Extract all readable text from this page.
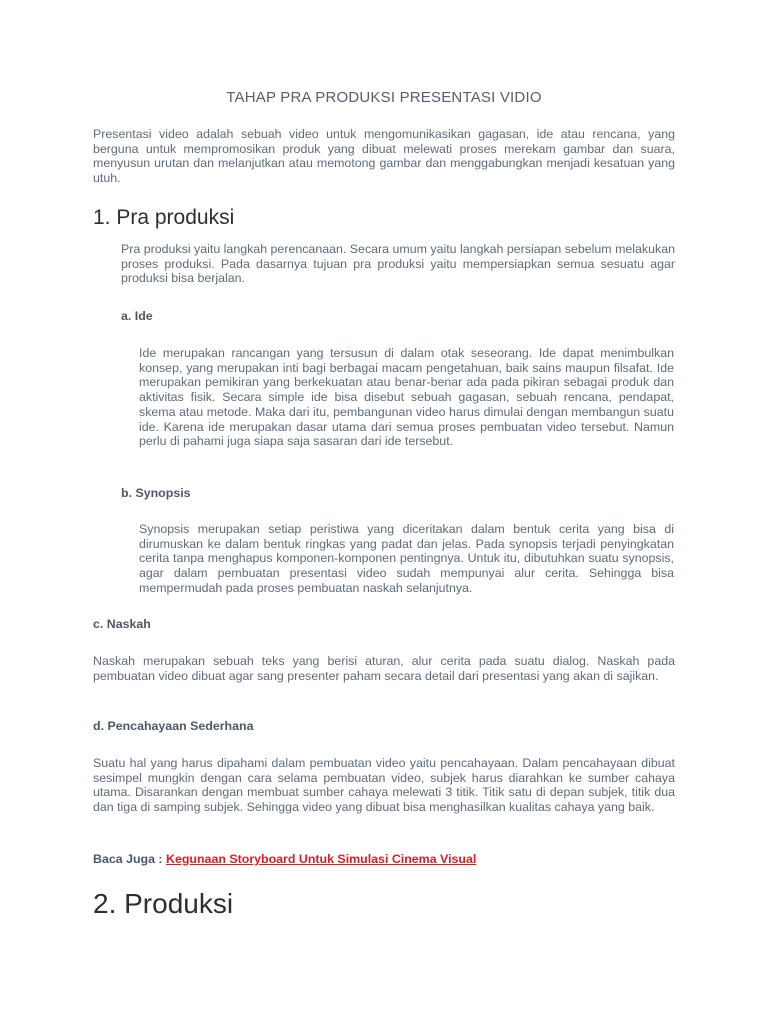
TAHAP PRA PRODUKSI PRESENTASI VIDIO

Presentasi video adalah sebuah video untuk mengomunikasikan gagasan, ide atau rencana, yang berguna untuk mempromosikan produk yang dibuat melewati proses merekam gambar dan suara, menyusun urutan dan melanjutkan atau memotong gambar dan menggabungkan menjadi kesatuan yang utuh.

1. Pra produksi

Pra produksi yaitu langkah perencanaan. Secara umum yaitu langkah persiapan sebelum melakukan proses produksi. Pada dasarnya tujuan pra produksi yaitu mempersiapkan semua sesuatu agar produksi bisa berjalan.

a. Ide

Ide merupakan rancangan yang tersusun di dalam otak seseorang. Ide dapat menimbulkan konsep, yang merupakan inti bagi berbagai macam pengetahuan, baik sains maupun filsafat. Ide merupakan pemikiran yang berkekuatan atau benar-benar ada pada pikiran sebagai produk dan aktivitas fisik. Secara simple ide bisa disebut sebuah gagasan, sebuah rencana, pendapat, skema atau metode. Maka dari itu, pembangunan video harus dimulai dengan membangun suatu ide. Karena ide merupakan dasar utama dari semua proses pembuatan video tersebut. Namun perlu di pahami juga siapa saja sasaran dari ide tersebut.

b. Synopsis

Synopsis merupakan setiap peristiwa yang diceritakan dalam bentuk cerita yang bisa di dirumuskan ke dalam bentuk ringkas yang padat dan jelas. Pada synopsis terjadi penyingkatan cerita tanpa menghapus komponen-komponen pentingnya. Untuk itu, dibutuhkan suatu synopsis, agar dalam pembuatan presentasi video sudah mempunyai alur cerita. Sehingga bisa mempermudah pada proses pembuatan naskah selanjutnya.

c. Naskah

Naskah merupakan sebuah teks yang berisi aturan, alur cerita pada suatu dialog. Naskah pada pembuatan video dibuat agar sang presenter paham secara detail dari presentasi yang akan di sajikan.

d. Pencahayaan Sederhana

Suatu hal yang harus dipahami dalam pembuatan video yaitu pencahayaan. Dalam pencahayaan dibuat sesimpel mungkin dengan cara selama pembuatan video, subjek harus diarahkan ke sumber cahaya utama. Disarankan dengan membuat sumber cahaya melewati 3 titik. Titik satu di depan subjek, titik dua dan tiga di samping subjek. Sehingga video yang dibuat bisa menghasilkan kualitas cahaya yang baik.

Baca Juga : Kegunaan Storyboard Untuk Simulasi Cinema Visual
2. Produksi
